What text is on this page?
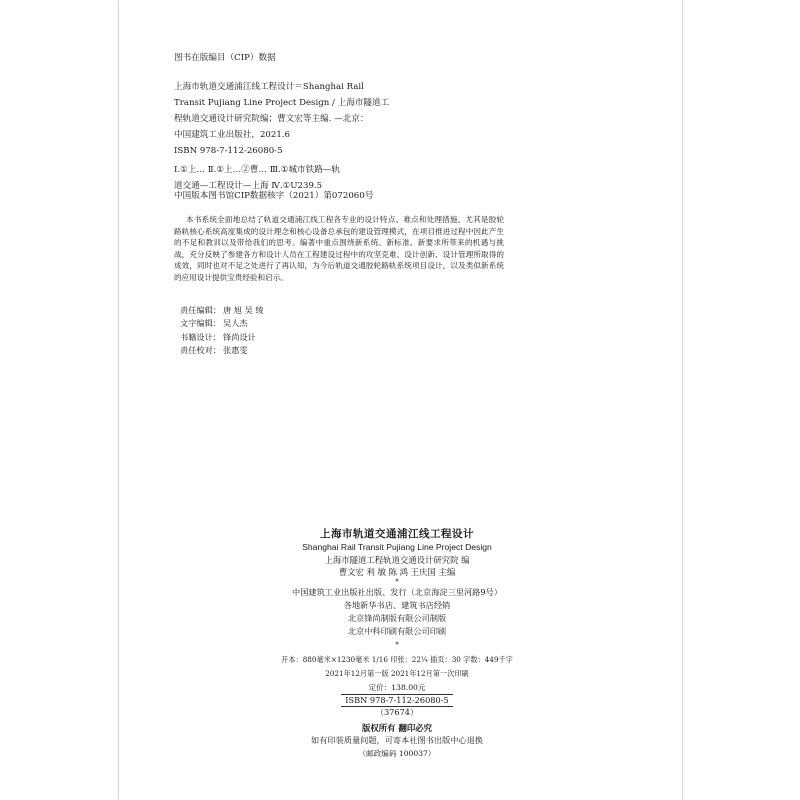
图书在版编目（CIP）数据
上海市轨道交通浦江线工程设计＝Shanghai Rail
Transit Pujiang Line Project Design / 上海市隧道工
程轨道交通设计研究院编；曹文宏等主编. —北京：
中国建筑工业出版社，2021.6
ISBN 978-7-112-26080-5
Ⅰ.①上… Ⅱ.①上…②曹… Ⅲ.①城市铁路—轨
道交通—工程设计—上海 Ⅳ.①U239.5
中国版本图书馆CIP数据核字（2021）第072060号
本书系统全面地总结了轨道交通浦江线工程各专业的设计特点、难点和处理措施。尤其是胶轮路轨核心系统高度集成的设计理念和核心设备总承包的建设管理模式，在项目推进过程中因此产生的不足和教训以及带给我们的思考。编著中重点围绕新系统、新标准、新要求所带来的机遇与挑战，充分反映了参建各方和设计人员在工程建设过程中的攻坚克难、设计创新、设计管理所取得的成效，同时也对不足之处进行了再认知，为今后轨道交通胶轮路轨系统项目设计，以及类似新系统的应用设计提供宝贵经验和启示。
责任编辑： 唐 旭 吴 绫
文字编辑： 吴人杰
书籍设计： 锋尚设计
责任校对： 张惠雯
上海市轨道交通浦江线工程设计
Shanghai Rail Transit Pujiang Line Project Design
上海市隧道工程轨道交通设计研究院 编
曹文宏 利 敏 陈 鸿 王庆国 主编
*
中国建筑工业出版社出版、发行（北京海淀三里河路9号）
各地新华书店、建筑书店经销
北京锋尚制版有限公司制版
北京中科印刷有限公司印刷
*
开本：880毫米×1230毫米 1/16 印张：22¼ 插页：30 字数：449千字
2021年12月第一版 2021年12月第一次印刷
定价：138.00元
ISBN 978-7-112-26080-5
（37674）
版权所有 翻印必究
如有印装质量问题，可寄本社图书出版中心退换
（邮政编码 100037）
